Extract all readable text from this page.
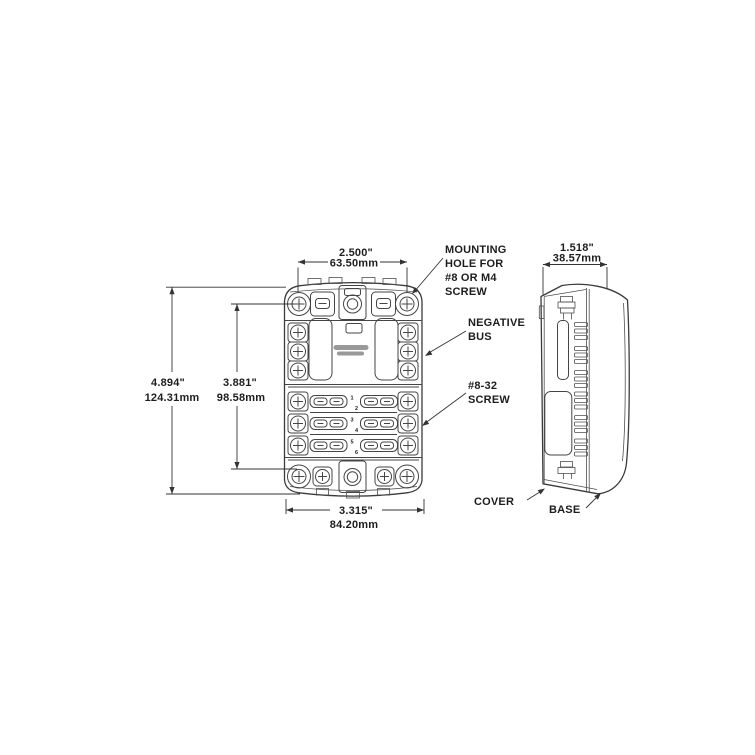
1
2
3
4
5
6
2.500"
63.50mm
4.894"
124.31mm
3.881"
98.58mm
3.315"
84.20mm
1.518"
38.57mm
MOUNTING
HOLE FOR
#8 OR M4
SCREW
NEGATIVE
BUS
#8-32
SCREW
COVER
BASE
